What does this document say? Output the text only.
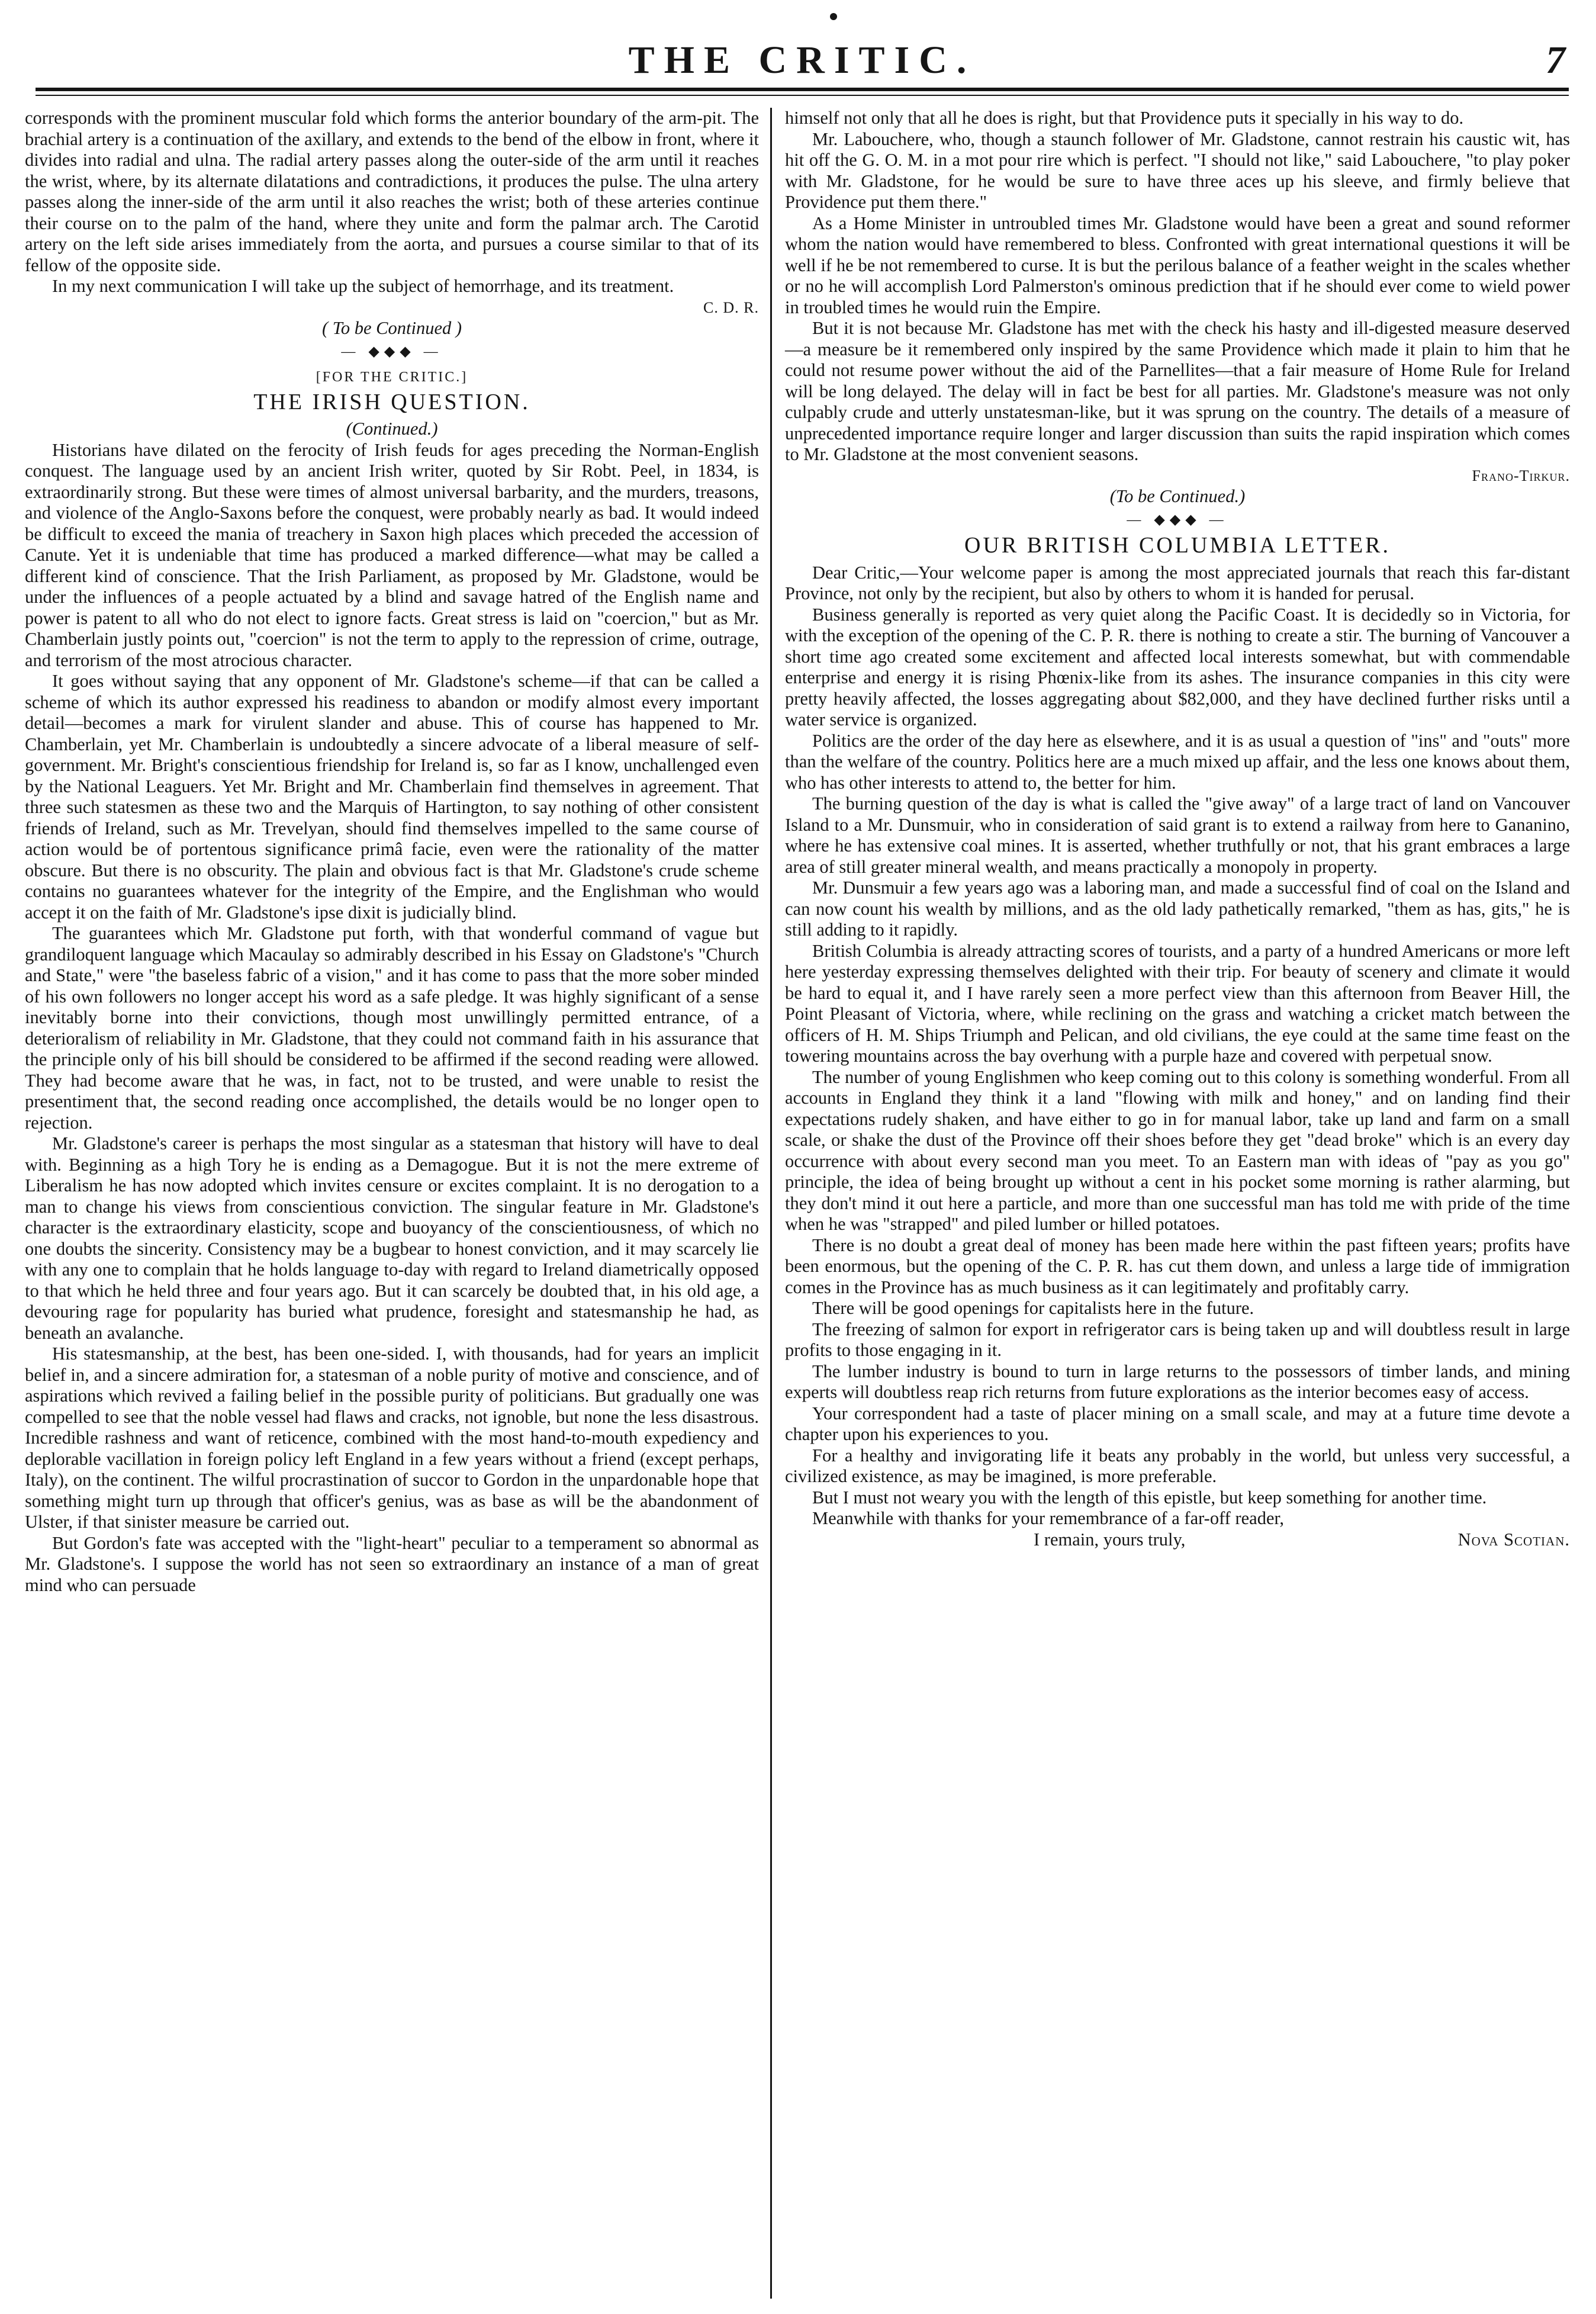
THE CRITIC.	7

corresponds with the prominent muscular fold which forms the anterior boundary of the arm-pit. The brachial artery is a continuation of the axillary, and extends to the bend of the elbow in front, where it divides into radial and ulna. The radial artery passes along the outer-side of the arm until it reaches the wrist, where, by its alternate dilatations and contradictions, it produces the pulse. The ulna artery passes along the inner-side of the arm until it also reaches the wrist; both of these arteries continue their course on to the palm of the hand, where they unite and form the palmar arch. The Carotid artery on the left side arises immediately from the aorta, and pursues a course similar to that of its fellow of the opposite side.

In my next communication I will take up the subject of hemorrhage, and its treatment.

C. D. R.

( To be Continued )

— ◆◆◆ —

[FOR THE CRITIC.]

THE IRISH QUESTION.

(Continued.)

Historians have dilated on the ferocity of Irish feuds for ages preceding the Norman-English conquest. The language used by an ancient Irish writer, quoted by Sir Robt. Peel, in 1834, is extraordinarily strong. But these were times of almost universal barbarity, and the murders, treasons, and violence of the Anglo-Saxons before the conquest, were probably nearly as bad. It would indeed be difficult to exceed the mania of treachery in Saxon high places which preceded the accession of Canute. Yet it is undeniable that time has produced a marked difference—what may be called a different kind of conscience. That the Irish Parliament, as proposed by Mr. Gladstone, would be under the influences of a people actuated by a blind and savage hatred of the English name and power is patent to all who do not elect to ignore facts. Great stress is laid on "coercion," but as Mr. Chamberlain justly points out, "coercion" is not the term to apply to the repression of crime, outrage, and terrorism of the most atrocious character.

It goes without saying that any opponent of Mr. Gladstone's scheme—if that can be called a scheme of which its author expressed his readiness to abandon or modify almost every important detail—becomes a mark for virulent slander and abuse. This of course has happened to Mr. Chamberlain, yet Mr. Chamberlain is undoubtedly a sincere advocate of a liberal measure of self-government. Mr. Bright's conscientious friendship for Ireland is, so far as I know, unchallenged even by the National Leaguers. Yet Mr. Bright and Mr. Chamberlain find themselves in agreement. That three such statesmen as these two and the Marquis of Hartington, to say nothing of other consistent friends of Ireland, such as Mr. Trevelyan, should find themselves impelled to the same course of action would be of portentous significance primâ facie, even were the rationality of the matter obscure. But there is no obscurity. The plain and obvious fact is that Mr. Gladstone's crude scheme contains no guarantees whatever for the integrity of the Empire, and the Englishman who would accept it on the faith of Mr. Gladstone's ipse dixit is judicially blind.

The guarantees which Mr. Gladstone put forth, with that wonderful command of vague but grandiloquent language which Macaulay so admirably described in his Essay on Gladstone's "Church and State," were "the baseless fabric of a vision," and it has come to pass that the more sober minded of his own followers no longer accept his word as a safe pledge. It was highly significant of a sense inevitably borne into their convictions, though most unwillingly permitted entrance, of a deterioralism of reliability in Mr. Gladstone, that they could not command faith in his assurance that the principle only of his bill should be considered to be affirmed if the second reading were allowed. They had become aware that he was, in fact, not to be trusted, and were unable to resist the presentiment that, the second reading once accomplished, the details would be no longer open to rejection.

Mr. Gladstone's career is perhaps the most singular as a statesman that history will have to deal with. Beginning as a high Tory he is ending as a Demagogue. But it is not the mere extreme of Liberalism he has now adopted which invites censure or excites complaint. It is no derogation to a man to change his views from conscientious conviction. The singular feature in Mr. Gladstone's character is the extraordinary elasticity, scope and buoyancy of the conscientiousness, of which no one doubts the sincerity. Consistency may be a bugbear to honest conviction, and it may scarcely lie with any one to complain that he holds language to-day with regard to Ireland diametrically opposed to that which he held three and four years ago. But it can scarcely be doubted that, in his old age, a devouring rage for popularity has buried what prudence, foresight and statesmanship he had, as beneath an avalanche.

His statesmanship, at the best, has been one-sided. I, with thousands, had for years an implicit belief in, and a sincere admiration for, a statesman of a noble purity of motive and conscience, and of aspirations which revived a failing belief in the possible purity of politicians. But gradually one was compelled to see that the noble vessel had flaws and cracks, not ignoble, but none the less disastrous. Incredible rashness and want of reticence, combined with the most hand-to-mouth expediency and deplorable vacillation in foreign policy left England in a few years without a friend (except perhaps, Italy), on the continent. The wilful procrastination of succor to Gordon in the unpardonable hope that something might turn up through that officer's genius, was as base as will be the abandonment of Ulster, if that sinister measure be carried out.

But Gordon's fate was accepted with the "light-heart" peculiar to a temperament so abnormal as Mr. Gladstone's. I suppose the world has not seen so extraordinary an instance of a man of great mind who can persuade

himself not only that all he does is right, but that Providence puts it specially in his way to do.

Mr. Labouchere, who, though a staunch follower of Mr. Gladstone, cannot restrain his caustic wit, has hit off the G. O. M. in a mot pour rire which is perfect. "I should not like," said Labouchere, "to play poker with Mr. Gladstone, for he would be sure to have three aces up his sleeve, and firmly believe that Providence put them there."

As a Home Minister in untroubled times Mr. Gladstone would have been a great and sound reformer whom the nation would have remembered to bless. Confronted with great international questions it will be well if he be not remembered to curse. It is but the perilous balance of a feather weight in the scales whether or no he will accomplish Lord Palmerston's ominous prediction that if he should ever come to wield power in troubled times he would ruin the Empire.

But it is not because Mr. Gladstone has met with the check his hasty and ill-digested measure deserved—a measure be it remembered only inspired by the same Providence which made it plain to him that he could not resume power without the aid of the Parnellites—that a fair measure of Home Rule for Ireland will be long delayed. The delay will in fact be best for all parties. Mr. Gladstone's measure was not only culpably crude and utterly unstatesman-like, but it was sprung on the country. The details of a measure of unprecedented importance require longer and larger discussion than suits the rapid inspiration which comes to Mr. Gladstone at the most convenient seasons.

Frano-Tirkur.

(To be Continued.)

— ◆◆◆ —

OUR BRITISH COLUMBIA LETTER.

Dear Critic,—Your welcome paper is among the most appreciated journals that reach this far-distant Province, not only by the recipient, but also by others to whom it is handed for perusal.

Business generally is reported as very quiet along the Pacific Coast. It is decidedly so in Victoria, for with the exception of the opening of the C. P. R. there is nothing to create a stir. The burning of Vancouver a short time ago created some excitement and affected local interests somewhat, but with commendable enterprise and energy it is rising Phœnix-like from its ashes. The insurance companies in this city were pretty heavily affected, the losses aggregating about $82,000, and they have declined further risks until a water service is organized.

Politics are the order of the day here as elsewhere, and it is as usual a question of "ins" and "outs" more than the welfare of the country. Politics here are a much mixed up affair, and the less one knows about them, who has other interests to attend to, the better for him.

The burning question of the day is what is called the "give away" of a large tract of land on Vancouver Island to a Mr. Dunsmuir, who in consideration of said grant is to extend a railway from here to Gananino, where he has extensive coal mines. It is asserted, whether truthfully or not, that his grant embraces a large area of still greater mineral wealth, and means practically a monopoly in property.

Mr. Dunsmuir a few years ago was a laboring man, and made a successful find of coal on the Island and can now count his wealth by millions, and as the old lady pathetically remarked, "them as has, gits," he is still adding to it rapidly.

British Columbia is already attracting scores of tourists, and a party of a hundred Americans or more left here yesterday expressing themselves delighted with their trip. For beauty of scenery and climate it would be hard to equal it, and I have rarely seen a more perfect view than this afternoon from Beaver Hill, the Point Pleasant of Victoria, where, while reclining on the grass and watching a cricket match between the officers of H. M. Ships Triumph and Pelican, and old civilians, the eye could at the same time feast on the towering mountains across the bay overhung with a purple haze and covered with perpetual snow.

The number of young Englishmen who keep coming out to this colony is something wonderful. From all accounts in England they think it a land "flowing with milk and honey," and on landing find their expectations rudely shaken, and have either to go in for manual labor, take up land and farm on a small scale, or shake the dust of the Province off their shoes before they get "dead broke" which is an every day occurrence with about every second man you meet. To an Eastern man with ideas of "pay as you go" principle, the idea of being brought up without a cent in his pocket some morning is rather alarming, but they don't mind it out here a particle, and more than one successful man has told me with pride of the time when he was "strapped" and piled lumber or hilled potatoes.

There is no doubt a great deal of money has been made here within the past fifteen years; profits have been enormous, but the opening of the C. P. R. has cut them down, and unless a large tide of immigration comes in the Province has as much business as it can legitimately and profitably carry.

There will be good openings for capitalists here in the future.

The freezing of salmon for export in refrigerator cars is being taken up and will doubtless result in large profits to those engaging in it.

The lumber industry is bound to turn in large returns to the possessors of timber lands, and mining experts will doubtless reap rich returns from future explorations as the interior becomes easy of access.

Your correspondent had a taste of placer mining on a small scale, and may at a future time devote a chapter upon his experiences to you.

For a healthy and invigorating life it beats any probably in the world, but unless very successful, a civilized existence, as may be imagined, is more preferable.

But I must not weary you with the length of this epistle, but keep something for another time.

Meanwhile with thanks for your remembrance of a far-off reader,

I remain, yours truly,	Nova Scotian.
